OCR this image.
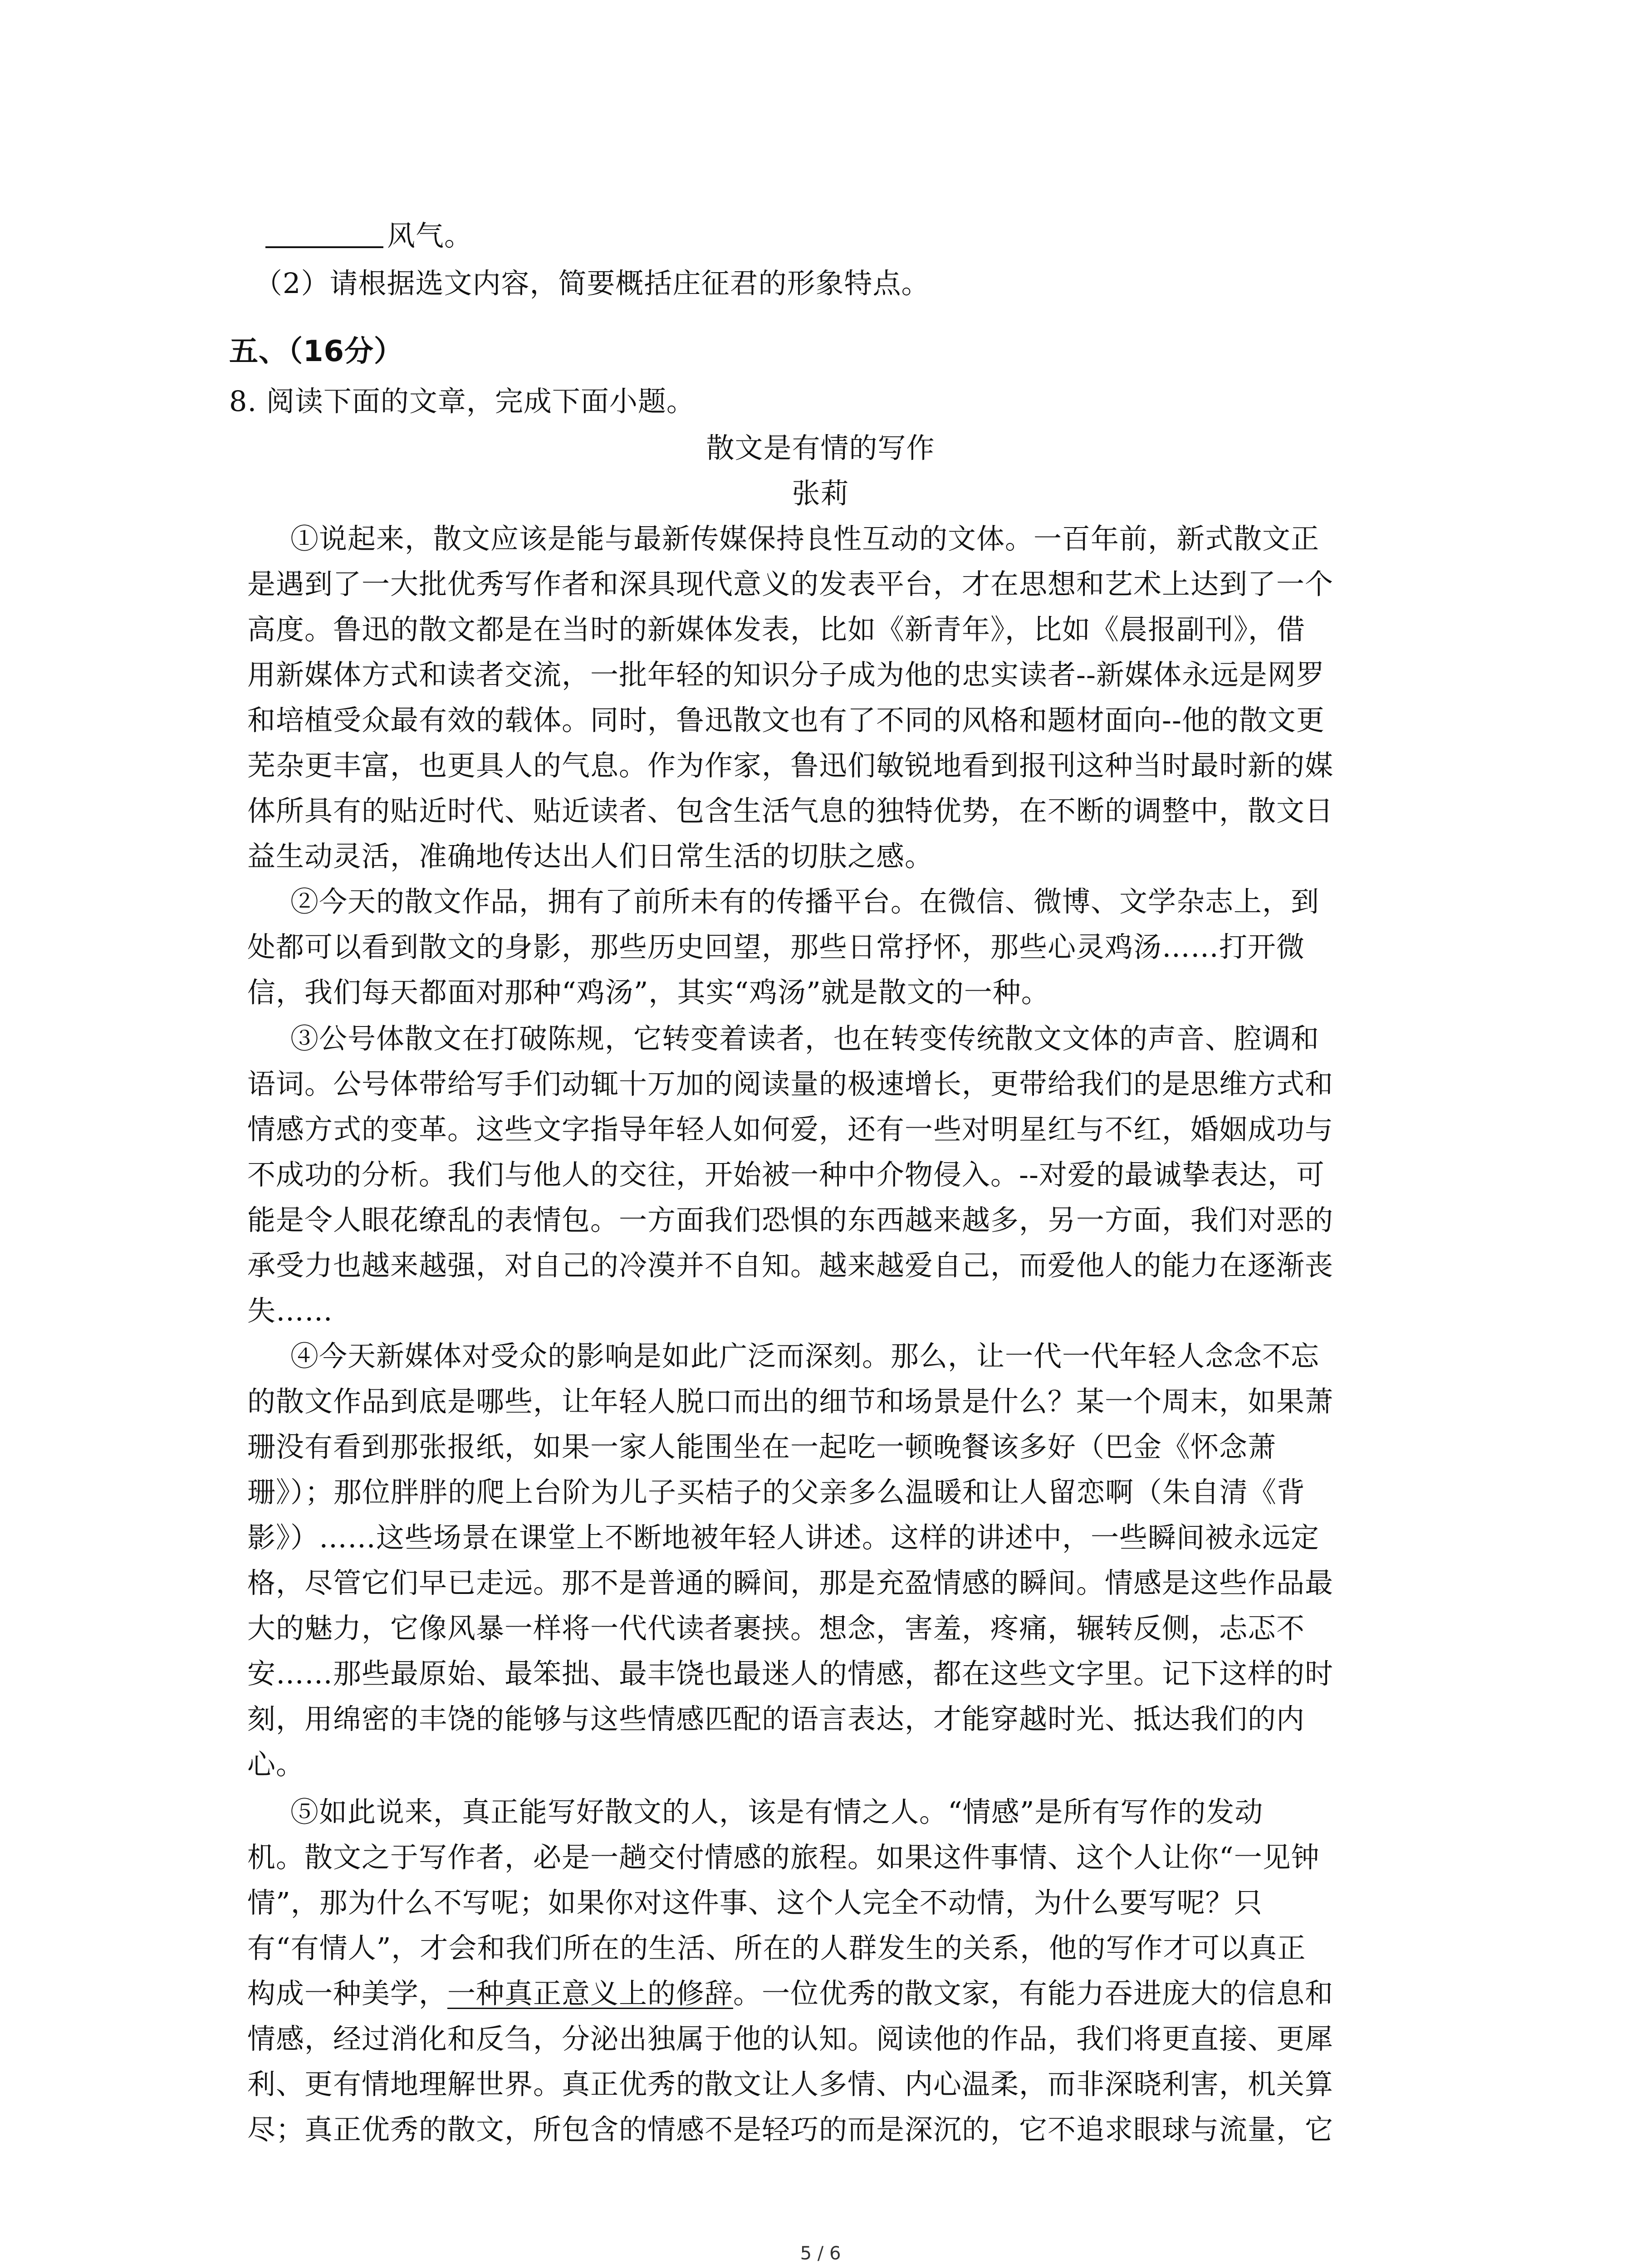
风气。
（2）请根据选文内容，简要概括庄征君的形象特点。
五、（16分）
8. 阅读下面的文章，完成下面小题。
散文是有情的写作
张莉
①说起来，散文应该是能与最新传媒保持良性互动的文体。一百年前，新式散文正
是遇到了一大批优秀写作者和深具现代意义的发表平台，才在思想和艺术上达到了一个
高度。鲁迅的散文都是在当时的新媒体发表，比如《新青年》，比如《晨报副刊》，借
用新媒体方式和读者交流，一批年轻的知识分子成为他的忠实读者--新媒体永远是网罗
和培植受众最有效的载体。同时，鲁迅散文也有了不同的风格和题材面向--他的散文更
芜杂更丰富，也更具人的气息。作为作家，鲁迅们敏锐地看到报刊这种当时最时新的媒
体所具有的贴近时代、贴近读者、包含生活气息的独特优势，在不断的调整中，散文日
益生动灵活，准确地传达出人们日常生活的切肤之感。
②今天的散文作品，拥有了前所未有的传播平台。在微信、微博、文学杂志上，到
处都可以看到散文的身影，那些历史回望，那些日常抒怀，那些心灵鸡汤……打开微
信，我们每天都面对那种“鸡汤”，其实“鸡汤”就是散文的一种。
③公号体散文在打破陈规，它转变着读者，也在转变传统散文文体的声音、腔调和
语词。公号体带给写手们动辄十万加的阅读量的极速增长，更带给我们的是思维方式和
情感方式的变革。这些文字指导年轻人如何爱，还有一些对明星红与不红，婚姻成功与
不成功的分析。我们与他人的交往，开始被一种中介物侵入。--对爱的最诚挚表达，可
能是令人眼花缭乱的表情包。一方面我们恐惧的东西越来越多，另一方面，我们对恶的
承受力也越来越强，对自己的冷漠并不自知。越来越爱自己，而爱他人的能力在逐渐丧
失……
④今天新媒体对受众的影响是如此广泛而深刻。那么，让一代一代年轻人念念不忘
的散文作品到底是哪些，让年轻人脱口而出的细节和场景是什么？某一个周末，如果萧
珊没有看到那张报纸，如果一家人能围坐在一起吃一顿晚餐该多好（巴金《怀念萧
珊》）；那位胖胖的爬上台阶为儿子买桔子的父亲多么温暖和让人留恋啊（朱自清《背
影》）……这些场景在课堂上不断地被年轻人讲述。这样的讲述中，一些瞬间被永远定
格，尽管它们早已走远。那不是普通的瞬间，那是充盈情感的瞬间。情感是这些作品最
大的魅力，它像风暴一样将一代代读者裹挟。想念，害羞，疼痛，辗转反侧，忐忑不
安……那些最原始、最笨拙、最丰饶也最迷人的情感，都在这些文字里。记下这样的时
刻，用绵密的丰饶的能够与这些情感匹配的语言表达，才能穿越时光、抵达我们的内
心。
⑤如此说来，真正能写好散文的人，该是有情之人。“情感”是所有写作的发动
机。散文之于写作者，必是一趟交付情感的旅程。如果这件事情、这个人让你“一见钟
情”，那为什么不写呢；如果你对这件事、这个人完全不动情，为什么要写呢？只
有“有情人”，才会和我们所在的生活、所在的人群发生的关系，他的写作才可以真正
构成一种美学，一种真正意义上的修辞。一位优秀的散文家，有能力吞进庞大的信息和
情感，经过消化和反刍，分泌出独属于他的认知。阅读他的作品，我们将更直接、更犀
利、更有情地理解世界。真正优秀的散文让人多情、内心温柔，而非深晓利害，机关算
尽；真正优秀的散文，所包含的情感不是轻巧的而是深沉的，它不追求眼球与流量，它
5 / 6
